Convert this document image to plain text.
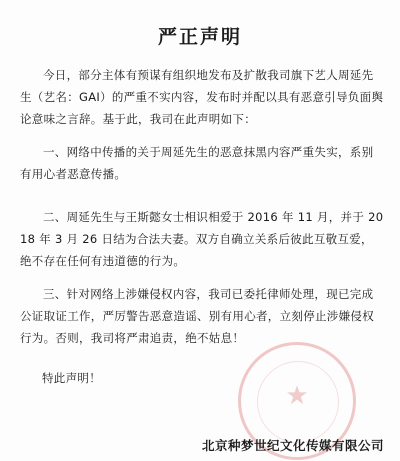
严正声明
今日，部分主体有预谋有组织地发布及扩散我司旗下艺人周延先生（艺名：GAI）的严重不实内容，发布时并配以具有恶意引导负面舆论意味之言辞。基于此，我司在此声明如下：
一、网络中传播的关于周延先生的恶意抹黑内容严重失实，系别有用心者恶意传播。
二、周延先生与王斯懿女士相识相爱于 2016 年 11 月，并于 2018 年 3 月 26 日结为合法夫妻。双方自确立关系后彼此互敬互爱，绝不存在任何有违道德的行为。
三、针对网络上涉嫌侵权内容，我司已委托律师处理，现已完成公证取证工作，严厉警告恶意造谣、别有用心者，立刻停止涉嫌侵权行为。否则，我司将严肃追责，绝不姑息！
特此声明！
★
北京种梦世纪文化传媒有限公司
